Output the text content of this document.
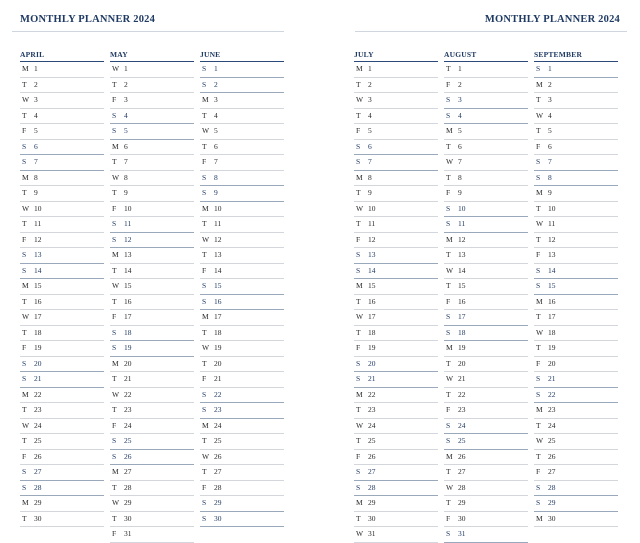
MONTHLY PLANNER 2024	MONTHLY PLANNER 2024
APRIL
M 1
T 2
W 3
T 4
F	5
S	6
S	7
M 8
T 9
W 10
T 11
F	12
S	13
S	14
M 15
T 16
W 17
T 18
F	19
S	20
S	21
M 22
T 23
W 24
T 25
F	26
S	27
S	28
M 29
T 30
MAY
W 1
T 2
F	3
S	4
S	5
M 6
T 7
W 8
T 9
F	10
S	11
S	12
M 13
T 14
W 15
T 16
F	17
S	18
S	19
M 20
T 21
W 22
T 23
F	24
S	25
S	26
M 27
T 28
W 29
T 30
F	31
JUNE
S	1
S	2
M 3
T 4
W 5
T 6
F	7
S	8
S	9
M 10
T 11
W 12
T 13
F	14
S	15
S	16
M 17
T 18
W 19
T 20
F	21
S	22
S	23
M 24
T 25
W 26
T 27
F	28
S	29
S	30
JULY
M 1
T 2
W 3
T 4
F	5
S	6
S	7
M 8
T 9
W 10
T 11
F	12
S	13
S	14
M 15
T 16
W 17
T 18
F	19
S	20
S	21
M 22
T 23
W 24
T 25
F	26
S	27
S	28
M 29
T 30
W 31
AUGUST
T 1
F	2
S	3
S	4
M 5
T 6
W 7
T 8
F	9
S	10
S	11
M 12
T 13
W 14
T 15
F	16
S	17
S	18
M 19
T 20
W 21
T 22
F	23
S	24
S	25
M 26
T 27
W 28
T 29
F	30
S	31
SEPTEMBER
S	1
M 2
T 3
W 4
T 5
F	6
S	7
S	8
M 9
T 10
W 11
T 12
F	13
S	14
S	15
M 16
T 17
W 18
T 19
F	20
S	21
S	22
M 23
T 24
W 25
T 26
F	27
S	28
S	29
M 30
